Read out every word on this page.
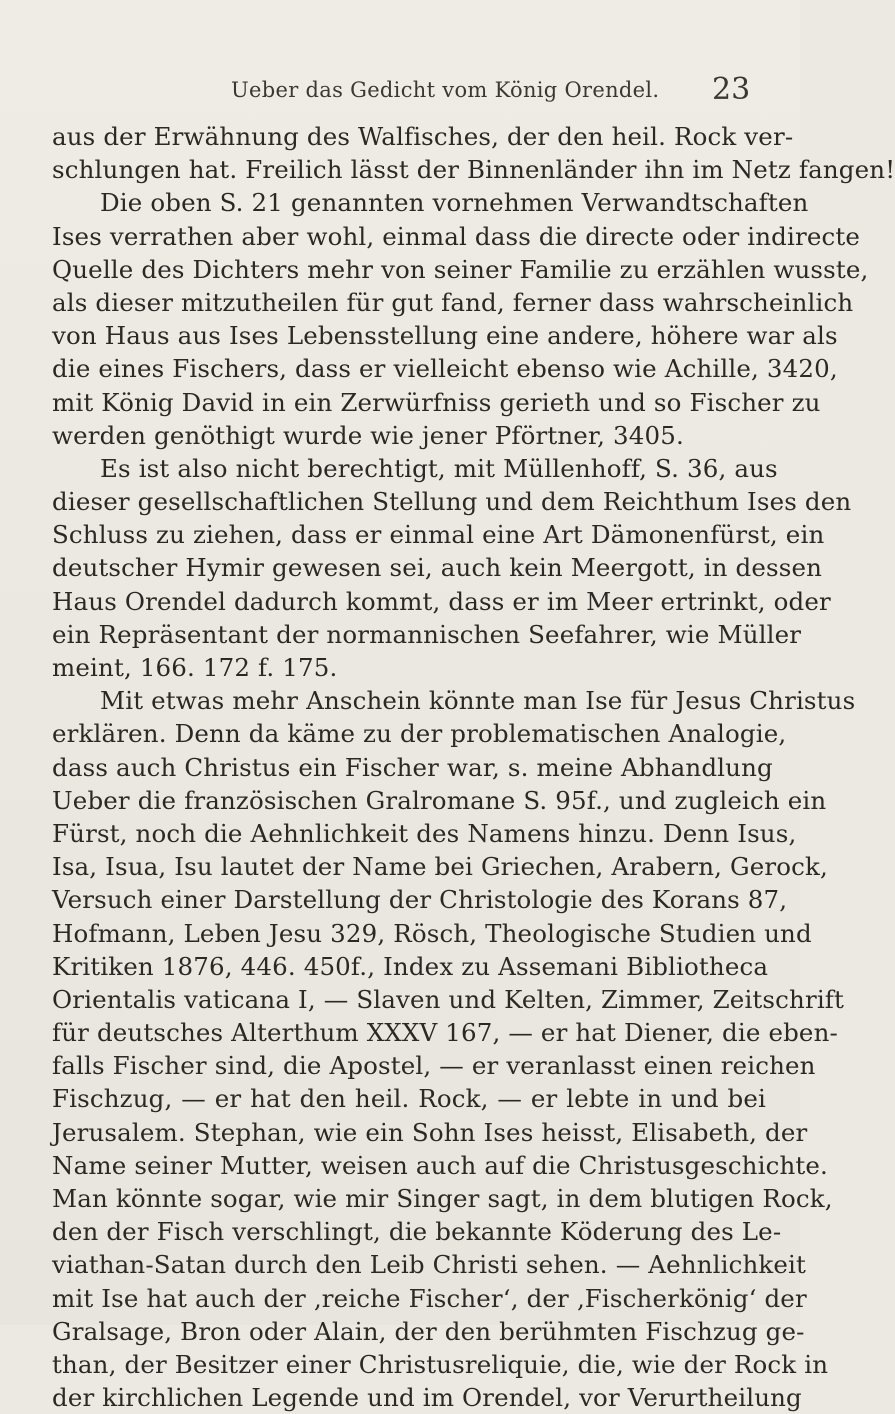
Ueber das Gedicht vom König Orendel. 23
aus der Erwähnung des Walfisches, der den heil. Rock ver-
schlungen hat. Freilich lässt der Binnenländer ihn im Netz fangen!
Die oben S. 21 genannten vornehmen Verwandtschaften
Ises verrathen aber wohl, einmal dass die directe oder indirecte
Quelle des Dichters mehr von seiner Familie zu erzählen wusste,
als dieser mitzutheilen für gut fand, ferner dass wahrscheinlich
von Haus aus Ises Lebensstellung eine andere, höhere war als
die eines Fischers, dass er vielleicht ebenso wie Achille, 3420,
mit König David in ein Zerwürfniss gerieth und so Fischer zu
werden genöthigt wurde wie jener Pförtner, 3405.
Es ist also nicht berechtigt, mit Müllenhoff, S. 36, aus
dieser gesellschaftlichen Stellung und dem Reichthum Ises den
Schluss zu ziehen, dass er einmal eine Art Dämonenfürst, ein
deutscher Hymir gewesen sei, auch kein Meergott, in dessen
Haus Orendel dadurch kommt, dass er im Meer ertrinkt, oder
ein Repräsentant der normannischen Seefahrer, wie Müller
meint, 166. 172 f. 175.
Mit etwas mehr Anschein könnte man Ise für Jesus Christus
erklären. Denn da käme zu der problematischen Analogie,
dass auch Christus ein Fischer war, s. meine Abhandlung
Ueber die französischen Gralromane S. 95f., und zugleich ein
Fürst, noch die Aehnlichkeit des Namens hinzu. Denn Isus,
Isa, Isua, Isu lautet der Name bei Griechen, Arabern, Gerock,
Versuch einer Darstellung der Christologie des Korans 87,
Hofmann, Leben Jesu 329, Rösch, Theologische Studien und
Kritiken 1876, 446. 450f., Index zu Assemani Bibliotheca
Orientalis vaticana I, — Slaven und Kelten, Zimmer, Zeitschrift
für deutsches Alterthum XXXV 167, — er hat Diener, die eben-
falls Fischer sind, die Apostel, — er veranlasst einen reichen
Fischzug, — er hat den heil. Rock, — er lebte in und bei
Jerusalem. Stephan, wie ein Sohn Ises heisst, Elisabeth, der
Name seiner Mutter, weisen auch auf die Christusgeschichte.
Man könnte sogar, wie mir Singer sagt, in dem blutigen Rock,
den der Fisch verschlingt, die bekannte Köderung des Le-
viathan-Satan durch den Leib Christi sehen. — Aehnlichkeit
mit Ise hat auch der ‚reiche Fischer‘, der ‚Fischerkönig‘ der
Gralsage, Bron oder Alain, der den berühmten Fischzug ge-
than, der Besitzer einer Christusreliquie, die, wie der Rock in
der kirchlichen Legende und im Orendel, vor Verurtheilung
